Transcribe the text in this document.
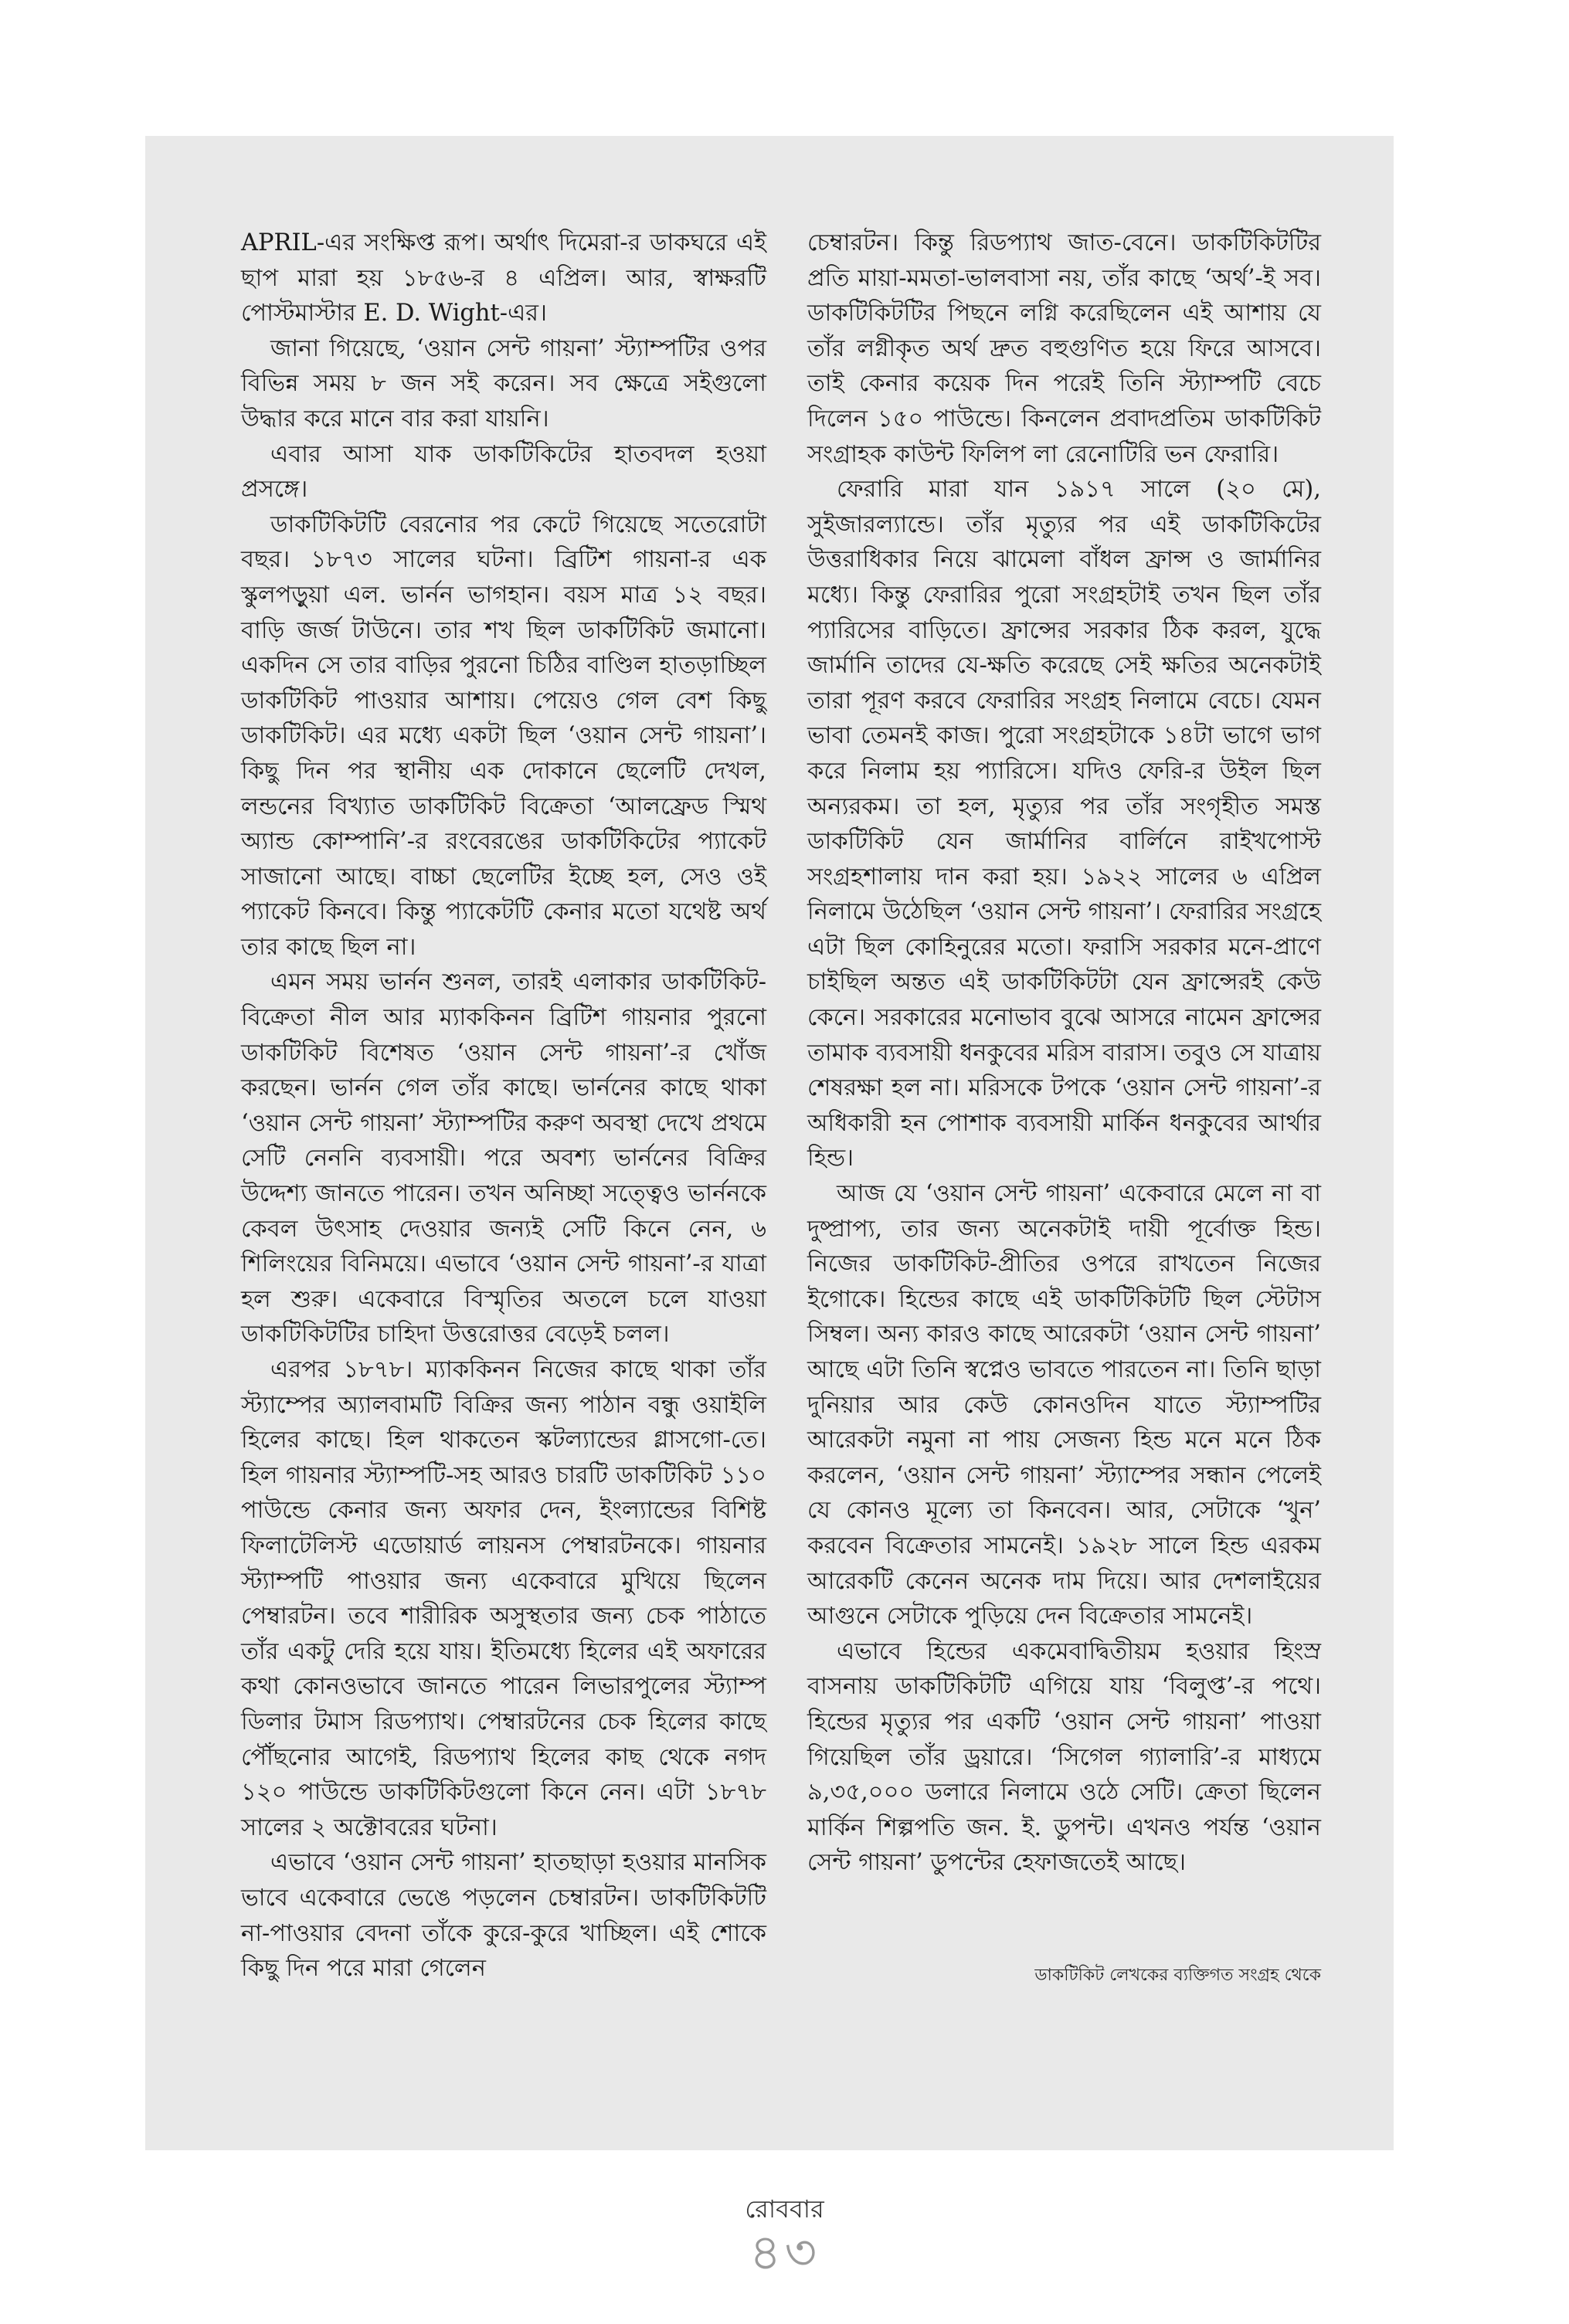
APRIL-এর সংক্ষিপ্ত রূপ। অর্থাৎ দিমেরা-র ডাকঘরে এই ছাপ মারা হয় ১৮৫৬-র ৪ এপ্রিল। আর, স্বাক্ষরটি পোস্টমাস্টার E. D. Wight-এর।

জানা গিয়েছে, ‘ওয়ান সেন্ট গায়না’ স্ট্যাম্পটির ওপর বিভিন্ন সময় ৮ জন সই করেন। সব ক্ষেত্রে সইগুলো উদ্ধার করে মানে বার করা যায়নি।

এবার আসা যাক ডাকটিকিটের হাতবদল হওয়া প্রসঙ্গে।

ডাকটিকিটটি বেরনোর পর কেটে গিয়েছে সতেরোটা বছর। ১৮৭৩ সালের ঘটনা। ব্রিটিশ গায়না-র এক স্কুলপড়ুয়া এল. ভার্নন ভাগহান। বয়স মাত্র ১২ বছর। বাড়ি জর্জ টাউনে। তার শখ ছিল ডাকটিকিট জমানো। একদিন সে তার বাড়ির পুরনো চিঠির বাণ্ডিল হাতড়াচ্ছিল ডাকটিকিট পাওয়ার আশায়। পেয়েও গেল বেশ কিছু ডাকটিকিট। এর মধ্যে একটা ছিল ‘ওয়ান সেন্ট গায়না’। কিছু দিন পর স্থানীয় এক দোকানে ছেলেটি দেখল, লন্ডনের বিখ্যাত ডাকটিকিট বিক্রেতা ‘আলফ্রেড স্মিথ অ্যান্ড কোম্পানি’-র রংবেরঙের ডাকটিকিটের প্যাকেট সাজানো আছে। বাচ্চা ছেলেটির ইচ্ছে হল, সেও ওই প্যাকেট কিনবে। কিন্তু প্যাকেটটি কেনার মতো যথেষ্ট অর্থ তার কাছে ছিল না।

এমন সময় ভার্নন শুনল, তারই এলাকার ডাকটিকিট-বিক্রেতা নীল আর ম্যাককিনন ব্রিটিশ গায়নার পুরনো ডাকটিকিট বিশেষত ‘ওয়ান সেন্ট গায়না’-র খোঁজ করছেন। ভার্নন গেল তাঁর কাছে। ভার্ননের কাছে থাকা ‘ওয়ান সেন্ট গায়না’ স্ট্যাম্পটির করুণ অবস্থা দেখে প্রথমে সেটি নেননি ব্যবসায়ী। পরে অবশ্য ভার্ননের বিক্রির উদ্দেশ্য জানতে পারেন। তখন অনিচ্ছা সত্ত্বেও ভার্ননকে কেবল উৎসাহ দেওয়ার জন্যই সেটি কিনে নেন, ৬ শিলিংয়ের বিনিময়ে। এভাবে ‘ওয়ান সেন্ট গায়না’-র যাত্রা হল শুরু। একেবারে বিস্মৃতির অতলে চলে যাওয়া ডাকটিকিটটির চাহিদা উত্তরোত্তর বেড়েই চলল।

এরপর ১৮৭৮। ম্যাককিনন নিজের কাছে থাকা তাঁর স্ট্যাম্পের অ্যালবামটি বিক্রির জন্য পাঠান বন্ধু ওয়াইলি হিলের কাছে। হিল থাকতেন স্কটল্যান্ডের গ্লাসগো-তে। হিল গায়নার স্ট্যাম্পটি-সহ আরও চারটি ডাকটিকিট ১১০ পাউন্ডে কেনার জন্য অফার দেন, ইংল্যান্ডের বিশিষ্ট ফিলাটেলিস্ট এডোয়ার্ড লায়নস পেম্বারটনকে। গায়নার স্ট্যাম্পটি পাওয়ার জন্য একেবারে মুখিয়ে ছিলেন পেম্বারটন। তবে শারীরিক অসুস্থতার জন্য চেক পাঠাতে তাঁর একটু দেরি হয়ে যায়। ইতিমধ্যে হিলের এই অফারের কথা কোনওভাবে জানতে পারেন লিভারপুলের স্ট্যাম্প ডিলার টমাস রিডপ্যাথ। পেম্বারটনের চেক হিলের কাছে পৌঁছনোর আগেই, রিডপ্যাথ হিলের কাছ থেকে নগদ ১২০ পাউন্ডে ডাকটিকিটগুলো কিনে নেন। এটা ১৮৭৮ সালের ২ অক্টোবরের ঘটনা।

এভাবে ‘ওয়ান সেন্ট গায়না’ হাতছাড়া হওয়ার মানসিক ভাবে একেবারে ভেঙে পড়লেন চেম্বারটন। ডাকটিকিটটি না-পাওয়ার বেদনা তাঁকে কুরে-কুরে খাচ্ছিল। এই শোকে কিছু দিন পরে মারা গেলেন

চেম্বারটন। কিন্তু রিডপ্যাথ জাত-বেনে। ডাকটিকিটটির প্রতি মায়া-মমতা-ভালবাসা নয়, তাঁর কাছে ‘অর্থ’-ই সব। ডাকটিকিটটির পিছনে লগ্নি করেছিলেন এই আশায় যে তাঁর লগ্নীকৃত অর্থ দ্রুত বহুগুণিত হয়ে ফিরে আসবে। তাই কেনার কয়েক দিন পরেই তিনি স্ট্যাম্পটি বেচে দিলেন ১৫০ পাউন্ডে। কিনলেন প্রবাদপ্রতিম ডাকটিকিট সংগ্রাহক কাউন্ট ফিলিপ লা রেনোটিরি ভন ফেরারি।

ফেরারি মারা যান ১৯১৭ সালে (২০ মে), সুইজারল্যান্ডে। তাঁর মৃত্যুর পর এই ডাকটিকিটের উত্তরাধিকার নিয়ে ঝামেলা বাঁধল ফ্রান্স ও জার্মানির মধ্যে। কিন্তু ফেরারির পুরো সংগ্রহটাই তখন ছিল তাঁর প্যারিসের বাড়িতে। ফ্রান্সের সরকার ঠিক করল, যুদ্ধে জার্মানি তাদের যে-ক্ষতি করেছে সেই ক্ষতির অনেকটাই তারা পূরণ করবে ফেরারির সংগ্রহ নিলামে বেচে। যেমন ভাবা তেমনই কাজ। পুরো সংগ্রহটাকে ১৪টা ভাগে ভাগ করে নিলাম হয় প্যারিসে। যদিও ফেরি-র উইল ছিল অন্যরকম। তা হল, মৃত্যুর পর তাঁর সংগৃহীত সমস্ত ডাকটিকিট যেন জার্মানির বার্লিনে রাইখপোস্ট সংগ্রহশালায় দান করা হয়। ১৯২২ সালের ৬ এপ্রিল নিলামে উঠেছিল ‘ওয়ান সেন্ট গায়না’। ফেরারির সংগ্রহে এটা ছিল কোহিনুরের মতো। ফরাসি সরকার মনে-প্রাণে চাইছিল অন্তত এই ডাকটিকিটটা যেন ফ্রান্সেরই কেউ কেনে। সরকারের মনোভাব বুঝে আসরে নামেন ফ্রান্সের তামাক ব্যবসায়ী ধনকুবের মরিস বারাস। তবুও সে যাত্রায় শেষরক্ষা হল না। মরিসকে টপকে ‘ওয়ান সেন্ট গায়না’-র অধিকারী হন পোশাক ব্যবসায়ী মার্কিন ধনকুবের আর্থার হিন্ড।

আজ যে ‘ওয়ান সেন্ট গায়না’ একেবারে মেলে না বা দুষ্প্রাপ্য, তার জন্য অনেকটাই দায়ী পূর্বোক্ত হিন্ড। নিজের ডাকটিকিট-প্রীতির ওপরে রাখতেন নিজের ইগোকে। হিন্ডের কাছে এই ডাকটিকিটটি ছিল স্টেটাস সিম্বল। অন্য কারও কাছে আরেকটা ‘ওয়ান সেন্ট গায়না’ আছে এটা তিনি স্বপ্নেও ভাবতে পারতেন না। তিনি ছাড়া দুনিয়ার আর কেউ কোনওদিন যাতে স্ট্যাম্পটির আরেকটা নমুনা না পায় সেজন্য হিন্ড মনে মনে ঠিক করলেন, ‘ওয়ান সেন্ট গায়না’ স্ট্যাম্পের সন্ধান পেলেই যে কোনও মূল্যে তা কিনবেন। আর, সেটাকে ‘খুন’ করবেন বিক্রেতার সামনেই। ১৯২৮ সালে হিন্ড এরকম আরেকটি কেনেন অনেক দাম দিয়ে। আর দেশলাইয়ের আগুনে সেটাকে পুড়িয়ে দেন বিক্রেতার সামনেই।

এভাবে হিন্ডের একমেবাদ্বিতীয়ম হওয়ার হিংস্র বাসনায় ডাকটিকিটটি এগিয়ে যায় ‘বিলুপ্ত’-র পথে। হিন্ডের মৃত্যুর পর একটি ‘ওয়ান সেন্ট গায়না’ পাওয়া গিয়েছিল তাঁর ড্রয়ারে। ‘সিগেল গ্যালারি’-র মাধ্যমে ৯,৩৫,০০০ ডলারে নিলামে ওঠে সেটি। ক্রেতা ছিলেন মার্কিন শিল্পপতি জন. ই. ডুপন্ট। এখনও পর্যন্ত ‘ওয়ান সেন্ট গায়না’ ডুপন্টের হেফাজতেই আছে।

ডাকটিকিট লেখকের ব্যক্তিগত সংগ্রহ থেকে
রোববার
৪৩
